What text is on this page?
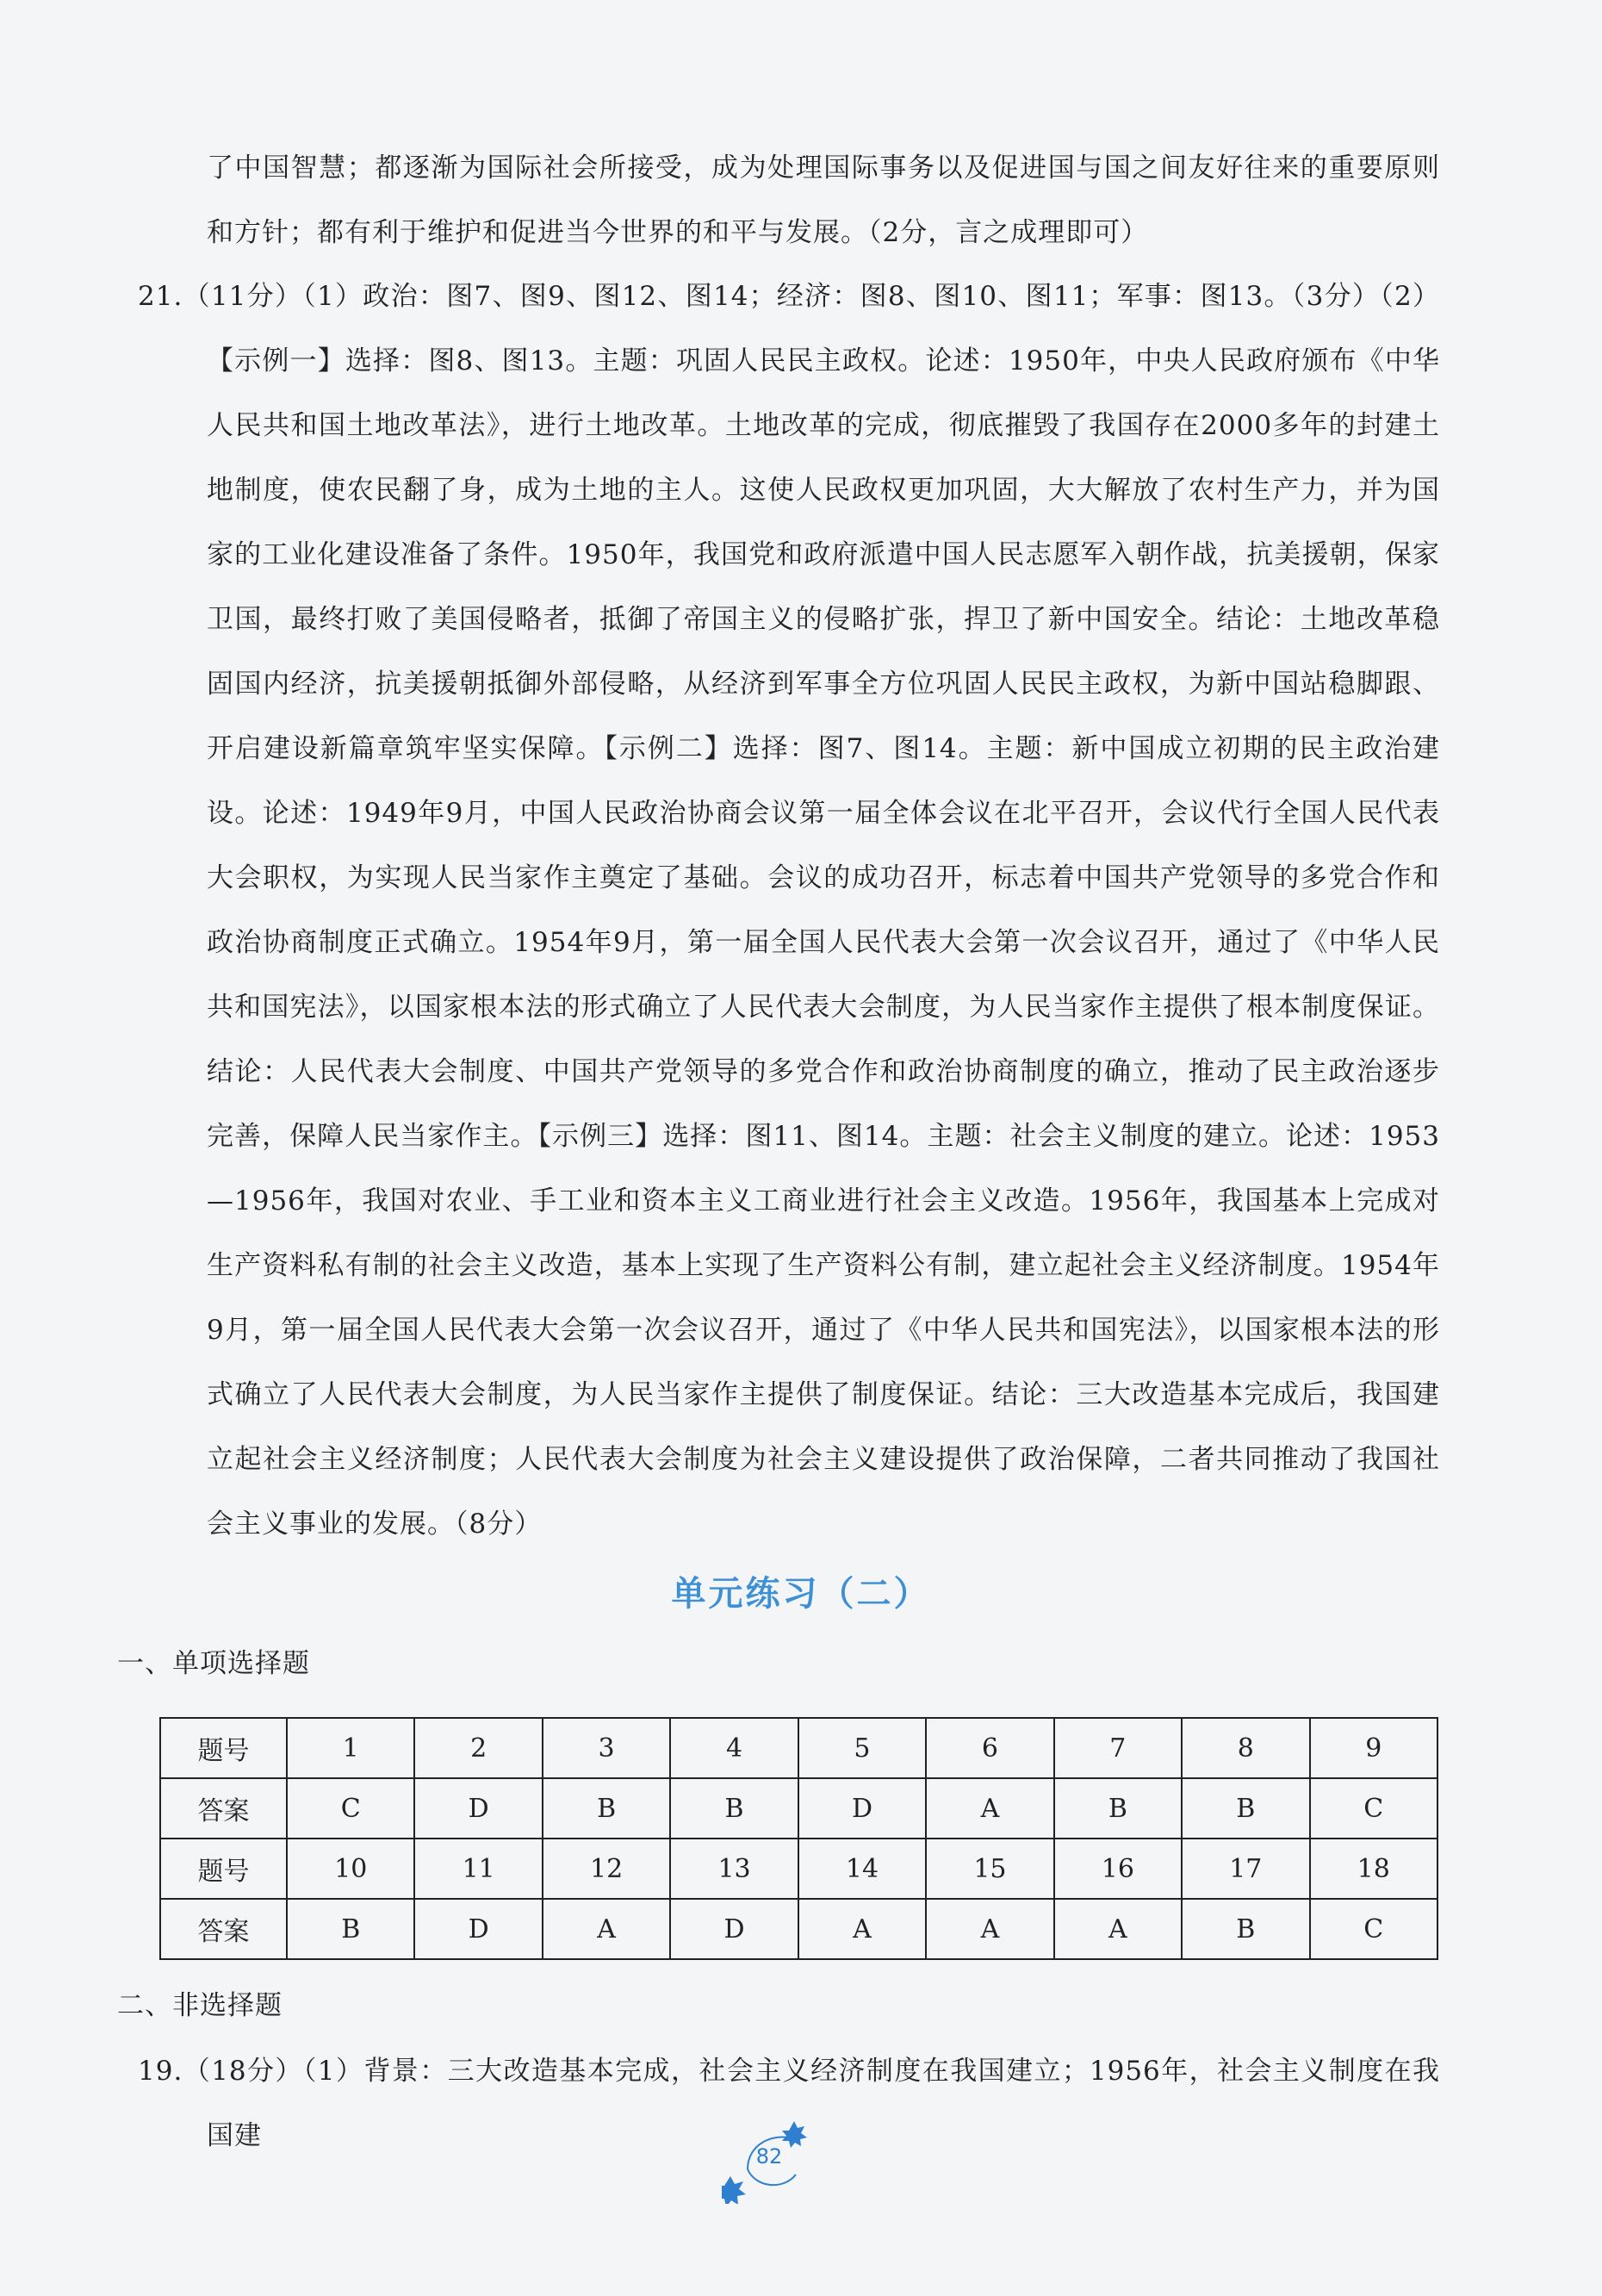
了中国智慧；都逐渐为国际社会所接受，成为处理国际事务以及促进国与国之间友好往来的重要原则和方针；都有利于维护和促进当今世界的和平与发展。（2分，言之成理即可）
21.（11分）（1）政治：图7、图9、图12、图14；经济：图8、图10、图11；军事：图13。（3分）（2）【示例一】选择：图8、图13。主题：巩固人民民主政权。论述：1950年，中央人民政府颁布《中华人民共和国土地改革法》，进行土地改革。土地改革的完成，彻底摧毁了我国存在2000多年的封建土地制度，使农民翻了身，成为土地的主人。这使人民政权更加巩固，大大解放了农村生产力，并为国家的工业化建设准备了条件。1950年，我国党和政府派遣中国人民志愿军入朝作战，抗美援朝，保家卫国，最终打败了美国侵略者，抵御了帝国主义的侵略扩张，捍卫了新中国安全。结论：土地改革稳固国内经济，抗美援朝抵御外部侵略，从经济到军事全方位巩固人民民主政权，为新中国站稳脚跟、开启建设新篇章筑牢坚实保障。【示例二】选择：图7、图14。主题：新中国成立初期的民主政治建设。论述：1949年9月，中国人民政治协商会议第一届全体会议在北平召开，会议代行全国人民代表大会职权，为实现人民当家作主奠定了基础。会议的成功召开，标志着中国共产党领导的多党合作和政治协商制度正式确立。1954年9月，第一届全国人民代表大会第一次会议召开，通过了《中华人民共和国宪法》，以国家根本法的形式确立了人民代表大会制度，为人民当家作主提供了根本制度保证。结论：人民代表大会制度、中国共产党领导的多党合作和政治协商制度的确立，推动了民主政治逐步完善，保障人民当家作主。【示例三】选择：图11、图14。主题：社会主义制度的建立。论述：1953—1956年，我国对农业、手工业和资本主义工商业进行社会主义改造。1956年，我国基本上完成对生产资料私有制的社会主义改造，基本上实现了生产资料公有制，建立起社会主义经济制度。1954年9月，第一届全国人民代表大会第一次会议召开，通过了《中华人民共和国宪法》，以国家根本法的形式确立了人民代表大会制度，为人民当家作主提供了制度保证。结论：三大改造基本完成后，我国建立起社会主义经济制度；人民代表大会制度为社会主义建设提供了政治保障，二者共同推动了我国社会主义事业的发展。（8分）
单元练习（二）
一、单项选择题
题号	1	2	3	4	5	6	7	8	9
答案	C	D	B	B	D	A	B	B	C
题号	10	11	12	13	14	15	16	17	18
答案	B	D	A	D	A	A	A	B	C
二、非选择题
19.（18分）（1）背景：三大改造基本完成，社会主义经济制度在我国建立；1956年，社会主义制度在我国建
82
